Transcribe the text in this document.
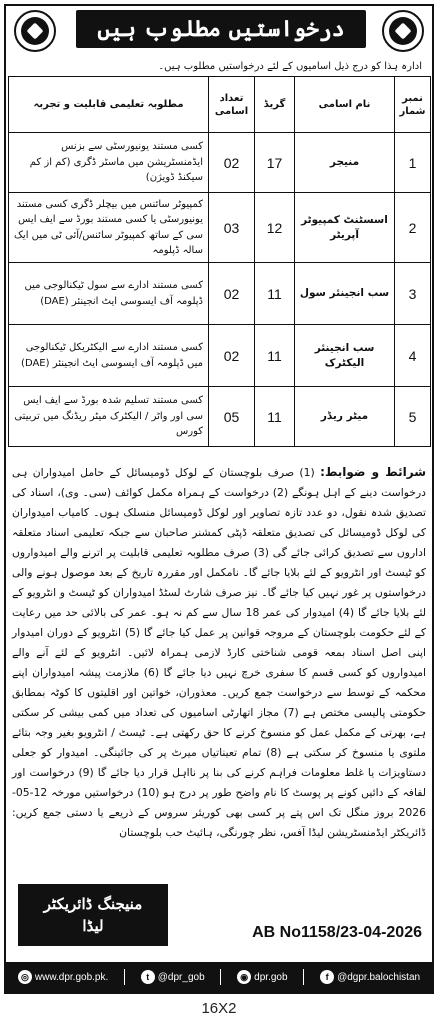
درخواستیں مطلوب ہیں
ادارہ ہذا کو درج ذیل اسامیوں کے لئے درخواستیں مطلوب ہیں۔
نمبر شمار	نام اسامی	گریڈ	تعداد اسامی	مطلوبہ تعلیمی قابلیت و تجربہ
1	منیجر	17	02	کسی مستند یونیورسٹی سے بزنس ایڈمنسٹریشن میں ماسٹر ڈگری (کم از کم سیکنڈ ڈویژن)
2	اسسٹنٹ کمپیوٹر آپریٹر	12	03	کمپیوٹر سائنس میں بیچلر ڈگری کسی مستند یونیورسٹی یا کسی مستند بورڈ سے ایف ایس سی کے ساتھ کمپیوٹر سائنس/آئی ٹی میں ایک سالہ ڈپلومہ
3	سب انجینئر سول	11	02	کسی مستند ادارے سے سول ٹیکنالوجی میں ڈپلومہ آف ایسوسی ایٹ انجینئر (DAE)
4	سب انجینئر الیکٹرک	11	02	کسی مستند ادارے سے الیکٹریکل ٹیکنالوجی میں ڈپلومہ آف ایسوسی ایٹ انجینئر (DAE)
5	میٹر ریڈر	11	05	کسی مستند تسلیم شدہ بورڈ سے ایف ایس سی اور واٹر / الیکٹرک میٹر ریڈنگ میں تربیتی کورس
شرائط و ضوابط: (1) صرف بلوچستان کے لوکل ڈومیسائل کے حامل امیدواران ہی درخواست دینے کے اہل ہونگے (2) درخواست کے ہمراہ مکمل کوائف (سی۔ وی)، اسناد کی تصدیق شدہ نقول، دو عدد تازہ تصاویر اور لوکل ڈومیسائل منسلک ہوں۔ کامیاب امیدواران کی لوکل ڈومیسائل کی تصدیق متعلقہ ڈپٹی کمشنر صاحبان سے جبکہ تعلیمی اسناد متعلقہ اداروں سے تصدیق کرائی جائے گی (3) صرف مطلوبہ تعلیمی قابلیت پر اترنے والے امیدواروں کو ٹیسٹ اور انٹرویو کے لئے بلایا جائے گا۔ نامکمل اور مقررہ تاریخ کے بعد موصول ہونے والی درخواستوں پر غور نہیں کیا جائے گا۔ نیز صرف شارٹ لسٹڈ امیدواران کو ٹیسٹ و انٹرویو کے لئے بلایا جائے گا (4) امیدوار کی عمر 18 سال سے کم نہ ہو۔ عمر کی بالائی حد میں رعایت کے لئے حکومت بلوچستان کے مروجہ قوانین پر عمل کیا جائے گا (5) انٹرویو کے دوران امیدوار اپنی اصل اسناد بمعہ قومی شناختی کارڈ لازمی ہمراہ لائیں۔ انٹرویو کے لئے آنے والے امیدواروں کو کسی قسم کا سفری خرچ نہیں دیا جائے گا (6) ملازمت پیشہ امیدواران اپنے محکمہ کے توسط سے درخواست جمع کریں۔ معذوران، خواتین اور اقلیتوں کا کوٹہ بمطابق حکومتی پالیسی مختص ہے (7) مجاز اتھارٹی اسامیوں کی تعداد میں کمی بیشی کر سکتی ہے، بھرتی کے مکمل عمل کو منسوخ کرنے کا حق رکھتی ہے۔ ٹیسٹ / انٹرویو بغیر وجہ بتائے ملتوی یا منسوخ کر سکتی ہے (8) تمام تعیناتیاں میرٹ پر کی جائینگی۔ امیدوار کو جعلی دستاویزات یا غلط معلومات فراہم کرنے کی بنا پر نااہل قرار دیا جائے گا (9) درخواست اور لفافہ کے دائیں کونے پر پوسٹ کا نام واضح طور پر درج ہو (10) درخواستیں مورخہ 12-05-2026 بروز منگل تک اس پتے پر کسی بھی کوریئر سروس کے ذریعے یا دستی جمع کریں: ڈائریکٹر ایڈمنسٹریشن لیڈا آفس، نظر چورنگی، ہائیٹ حب بلوچستان
منیجنگ ڈائریکٹر
لیڈا	AB No1158/23-04-2026
◎ www.dpr.gob.pk.	t @dpr_gob	◉ dpr.gob	f @dgpr.balochistan
16X2
